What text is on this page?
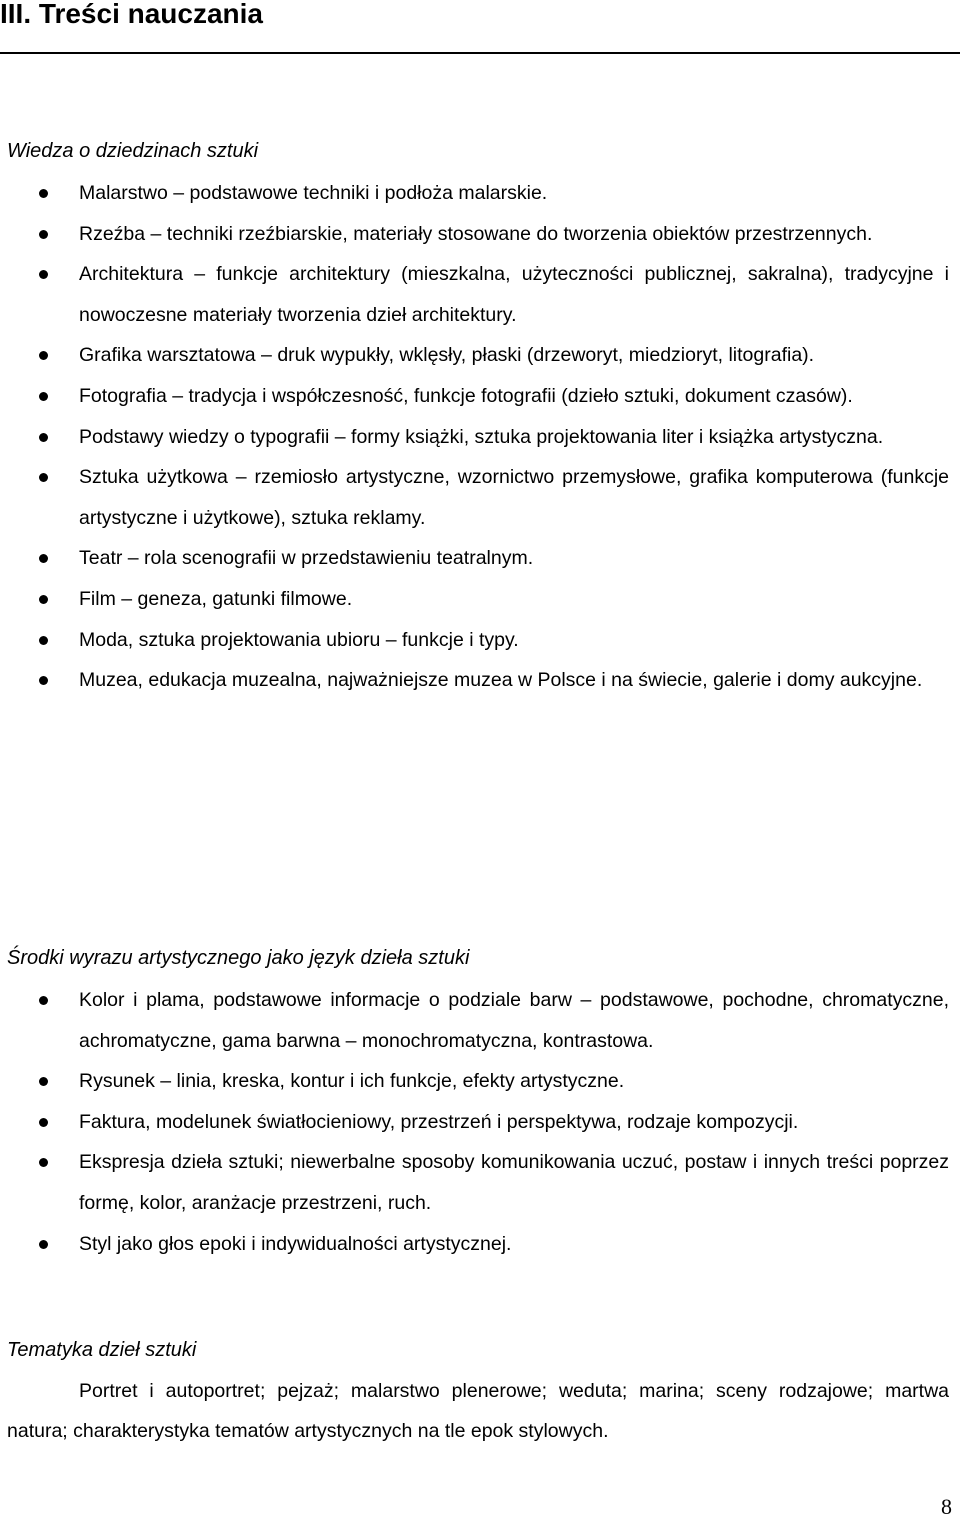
III. Treści nauczania
Wiedza o dziedzinach sztuki
Malarstwo – podstawowe techniki i podłoża malarskie.
Rzeźba – techniki rzeźbiarskie, materiały stosowane do tworzenia obiektów przestrzennych.
Architektura – funkcje architektury (mieszkalna, użyteczności publicznej, sakralna), tradycyjne i nowoczesne materiały tworzenia dzieł architektury.
Grafika warsztatowa – druk wypukły, wklęsły, płaski (drzeworyt, miedzioryt, litografia).
Fotografia – tradycja i współczesność, funkcje fotografii (dzieło sztuki, dokument czasów).
Podstawy wiedzy o typografii – formy książki, sztuka projektowania liter i książka artystyczna.
Sztuka użytkowa – rzemiosło artystyczne, wzornictwo przemysłowe, grafika komputerowa (funkcje artystyczne i użytkowe), sztuka reklamy.
Teatr – rola scenografii w przedstawieniu teatralnym.
Film – geneza, gatunki filmowe.
Moda, sztuka projektowania ubioru – funkcje i typy.
Muzea, edukacja muzealna, najważniejsze muzea w Polsce i na świecie, galerie i domy aukcyjne.
Środki wyrazu artystycznego jako język dzieła sztuki
Kolor i plama, podstawowe informacje o podziale barw – podstawowe, pochodne, chromatyczne, achromatyczne, gama barwna – monochromatyczna, kontrastowa.
Rysunek – linia, kreska, kontur i ich funkcje, efekty artystyczne.
Faktura, modelunek światłocieniowy, przestrzeń i perspektywa, rodzaje kompozycji.
Ekspresja dzieła sztuki; niewerbalne sposoby komunikowania uczuć, postaw i innych treści poprzez formę, kolor, aranżacje przestrzeni, ruch.
Styl jako głos epoki i indywidualności artystycznej.
Tematyka dzieł sztuki

Portret i autoportret; pejzaż; malarstwo plenerowe; weduta; marina; sceny rodzajowe; martwa natura; charakterystyka tematów artystycznych na tle epok stylowych.

8
